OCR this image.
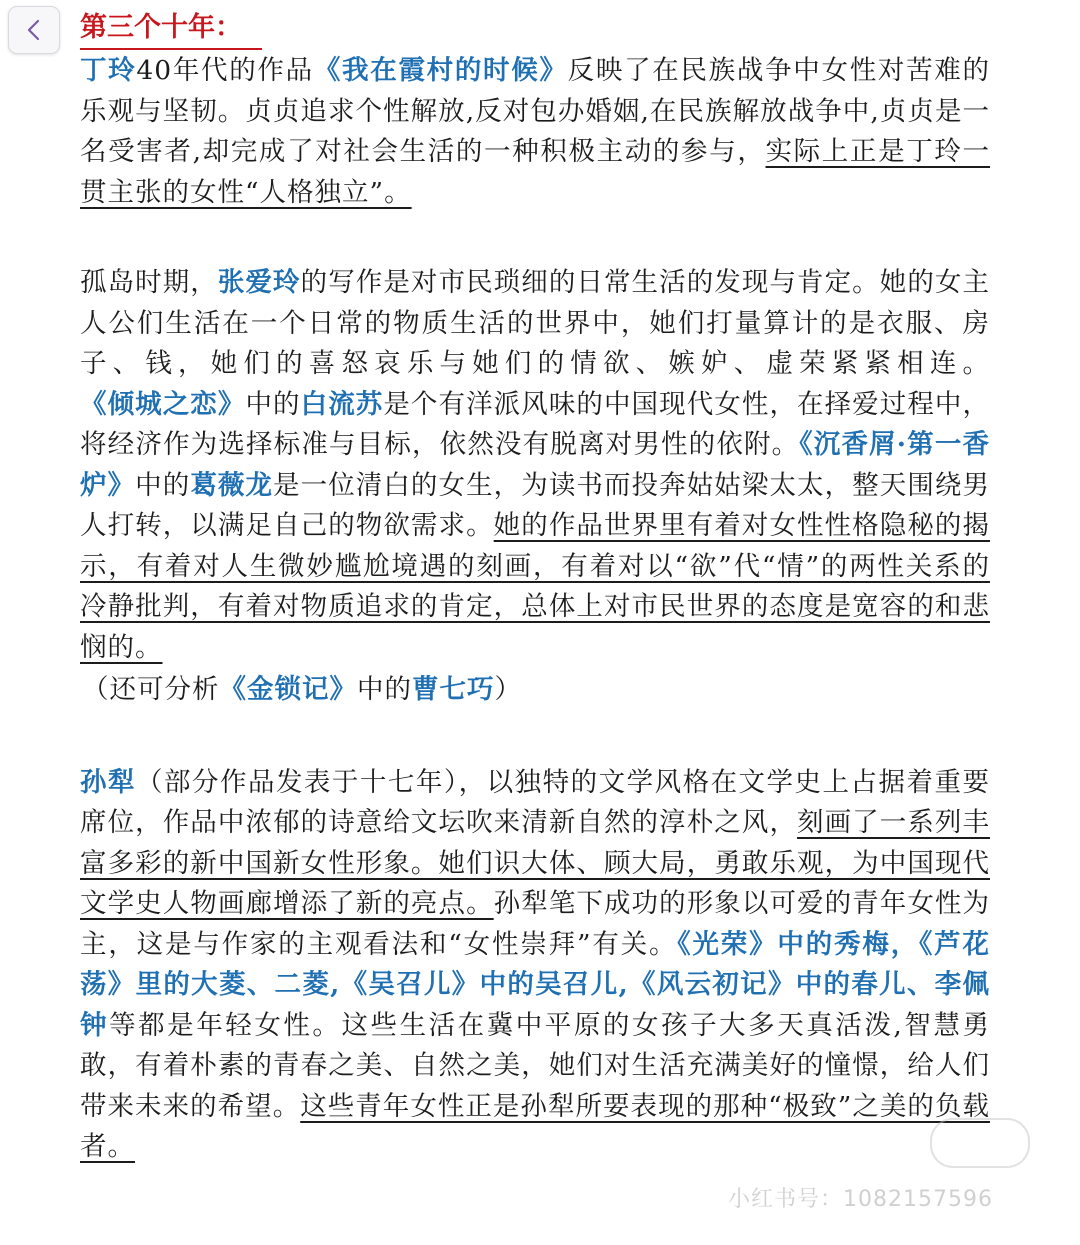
第三个十年：

丁玲40年代的作品《我在霞村的时候》反映了在民族战争中女性对苦难的乐观与坚韧。贞贞追求个性解放,反对包办婚姻,在民族解放战争中,贞贞是一名受害者,却完成了对社会生活的一种积极主动的参与，实际上正是丁玲一贯主张的女性“人格独立”。

孤岛时期，张爱玲的写作是对市民琐细的日常生活的发现与肯定。她的女主人公们生活在一个日常的物质生活的世界中，她们打量算计的是衣服、房子、钱，她们的喜怒哀乐与她们的情欲、嫉妒、虚荣紧紧相连。《倾城之恋》中的白流苏是个有洋派风味的中国现代女性，在择爱过程中，将经济作为选择标准与目标，依然没有脱离对男性的依附。《沉香屑·第一香炉》中的葛薇龙是一位清白的女生，为读书而投奔姑姑梁太太，整天围绕男人打转，以满足自己的物欲需求。她的作品世界里有着对女性性格隐秘的揭示，有着对人生微妙尴尬境遇的刻画，有着对以“欲”代“情”的两性关系的冷静批判，有着对物质追求的肯定，总体上对市民世界的态度是宽容的和悲悯的。

（还可分析《金锁记》中的曹七巧）

孙犁（部分作品发表于十七年），以独特的文学风格在文学史上占据着重要席位，作品中浓郁的诗意给文坛吹来清新自然的淳朴之风，刻画了一系列丰富多彩的新中国新女性形象。她们识大体、顾大局，勇敢乐观，为中国现代文学史人物画廊增添了新的亮点。孙犁笔下成功的形象以可爱的青年女性为主，这是与作家的主观看法和“女性崇拜”有关。《光荣》中的秀梅，《芦花荡》里的大菱、二菱,《吴召儿》中的吴召儿,《风云初记》中的春儿、李佩钟等都是年轻女性。这些生活在冀中平原的女孩子大多天真活泼,智慧勇敢，有着朴素的青春之美、自然之美，她们对生活充满美好的憧憬，给人们带来未来的希望。这些青年女性正是孙犁所要表现的那种“极致”之美的负载者。

小红书号：1082157596
